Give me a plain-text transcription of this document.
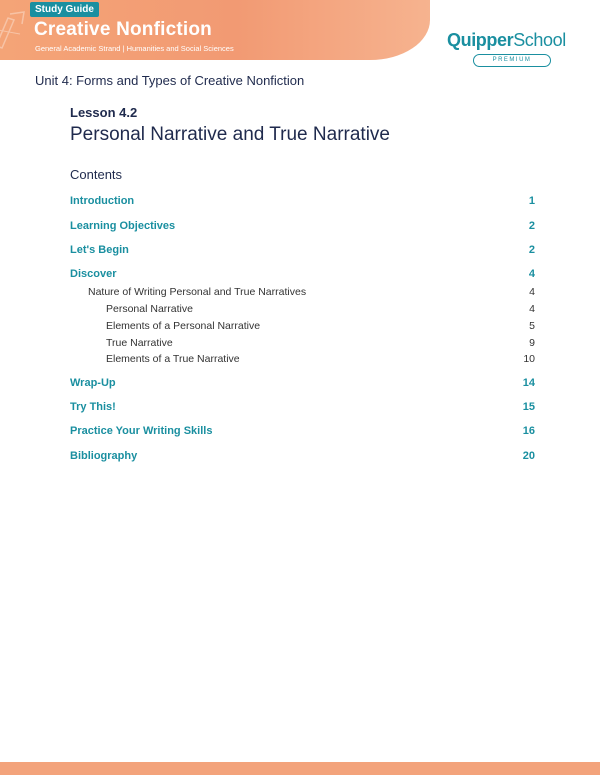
Study Guide
Creative Nonfiction
General Academic Strand | Humanities and Social Sciences	QuipperSchool
PREMIUM
Unit 4: Forms and Types of Creative Nonfiction
Lesson 4.2
Personal Narrative and True Narrative
Contents
Introduction	1
Learning Objectives	2
Let's Begin	2
Discover	4
Nature of Writing Personal and True Narratives	4
Personal Narrative	4
Elements of a Personal Narrative	5
True Narrative	9
Elements of a True Narrative	10
Wrap-Up	14
Try This!	15
Practice Your Writing Skills	16
Bibliography	20
